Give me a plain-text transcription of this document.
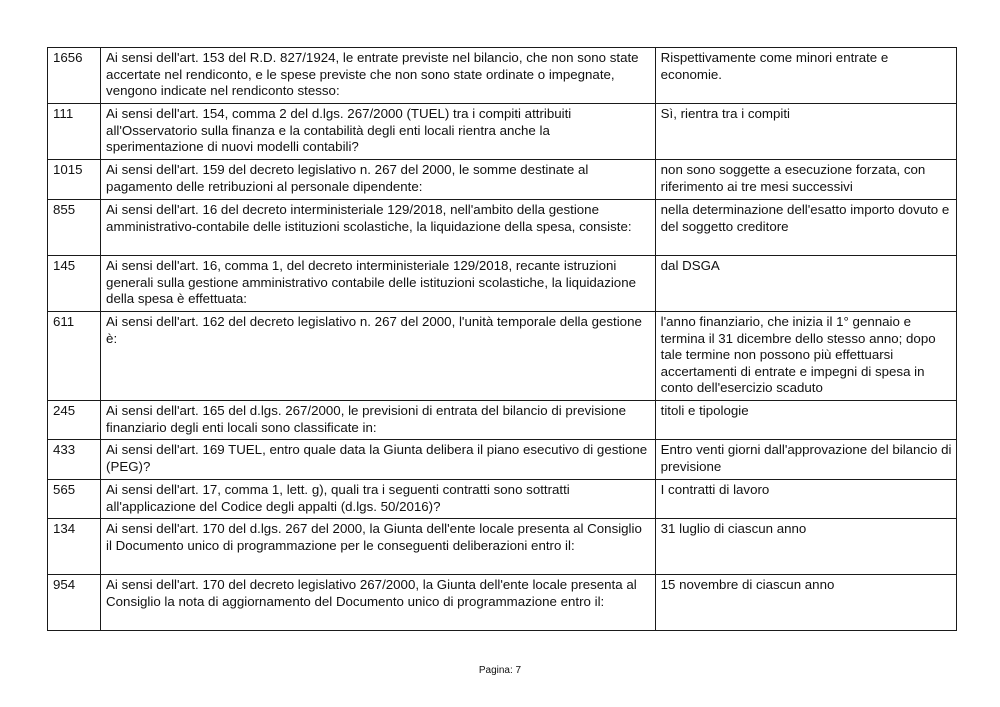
1656	Ai sensi dell'art. 153 del R.D. 827/1924, le entrate previste nel bilancio, che non sono state accertate nel rendiconto, e le spese previste che non sono state ordinate o impegnate, vengono indicate nel rendiconto stesso:	Rispettivamente come minori entrate e economie.
111	Ai sensi dell'art. 154, comma 2 del d.lgs. 267/2000 (TUEL) tra i compiti attribuiti all'Osservatorio sulla finanza e la contabilità degli enti locali rientra anche la sperimentazione di nuovi modelli contabili?	Sì, rientra tra i compiti
1015	Ai sensi dell'art. 159 del decreto legislativo n. 267 del 2000, le somme destinate al pagamento delle retribuzioni al personale dipendente:	non sono soggette a esecuzione forzata, con riferimento ai tre mesi successivi
855	Ai sensi dell'art. 16 del decreto interministeriale 129/2018, nell'ambito della gestione amministrativo-contabile delle istituzioni scolastiche, la liquidazione della spesa, consiste:	nella determinazione dell'esatto importo dovuto e del soggetto creditore
145	Ai sensi dell'art. 16, comma 1, del decreto interministeriale 129/2018, recante istruzioni generali sulla gestione amministrativo contabile delle istituzioni scolastiche, la liquidazione della spesa è effettuata:	dal DSGA
611	Ai sensi dell'art. 162 del decreto legislativo n. 267 del 2000, l'unità temporale della gestione è:	l'anno finanziario, che inizia il 1° gennaio e termina il 31 dicembre dello stesso anno; dopo tale termine non possono più effettuarsi accertamenti di entrate e impegni di spesa in conto dell'esercizio scaduto
245	Ai sensi dell'art. 165 del d.lgs. 267/2000, le previsioni di entrata del bilancio di previsione finanziario degli enti locali sono classificate in:	titoli e tipologie
433	Ai sensi dell'art. 169 TUEL, entro quale data la Giunta delibera il piano esecutivo di gestione (PEG)?	Entro venti giorni dall'approvazione del bilancio di previsione
565	Ai sensi dell'art. 17, comma 1, lett. g), quali tra i seguenti contratti sono sottratti all'applicazione del Codice degli appalti (d.lgs. 50/2016)?	I contratti di lavoro
134	Ai sensi dell'art. 170 del d.lgs. 267 del 2000, la Giunta dell'ente locale presenta al Consiglio il Documento unico di programmazione per le conseguenti deliberazioni entro il:	31 luglio di ciascun anno
954	Ai sensi dell'art. 170 del decreto legislativo 267/2000, la Giunta dell'ente locale presenta al Consiglio la nota di aggiornamento del Documento unico di programmazione entro il:	15 novembre di ciascun anno
Pagina: 7
